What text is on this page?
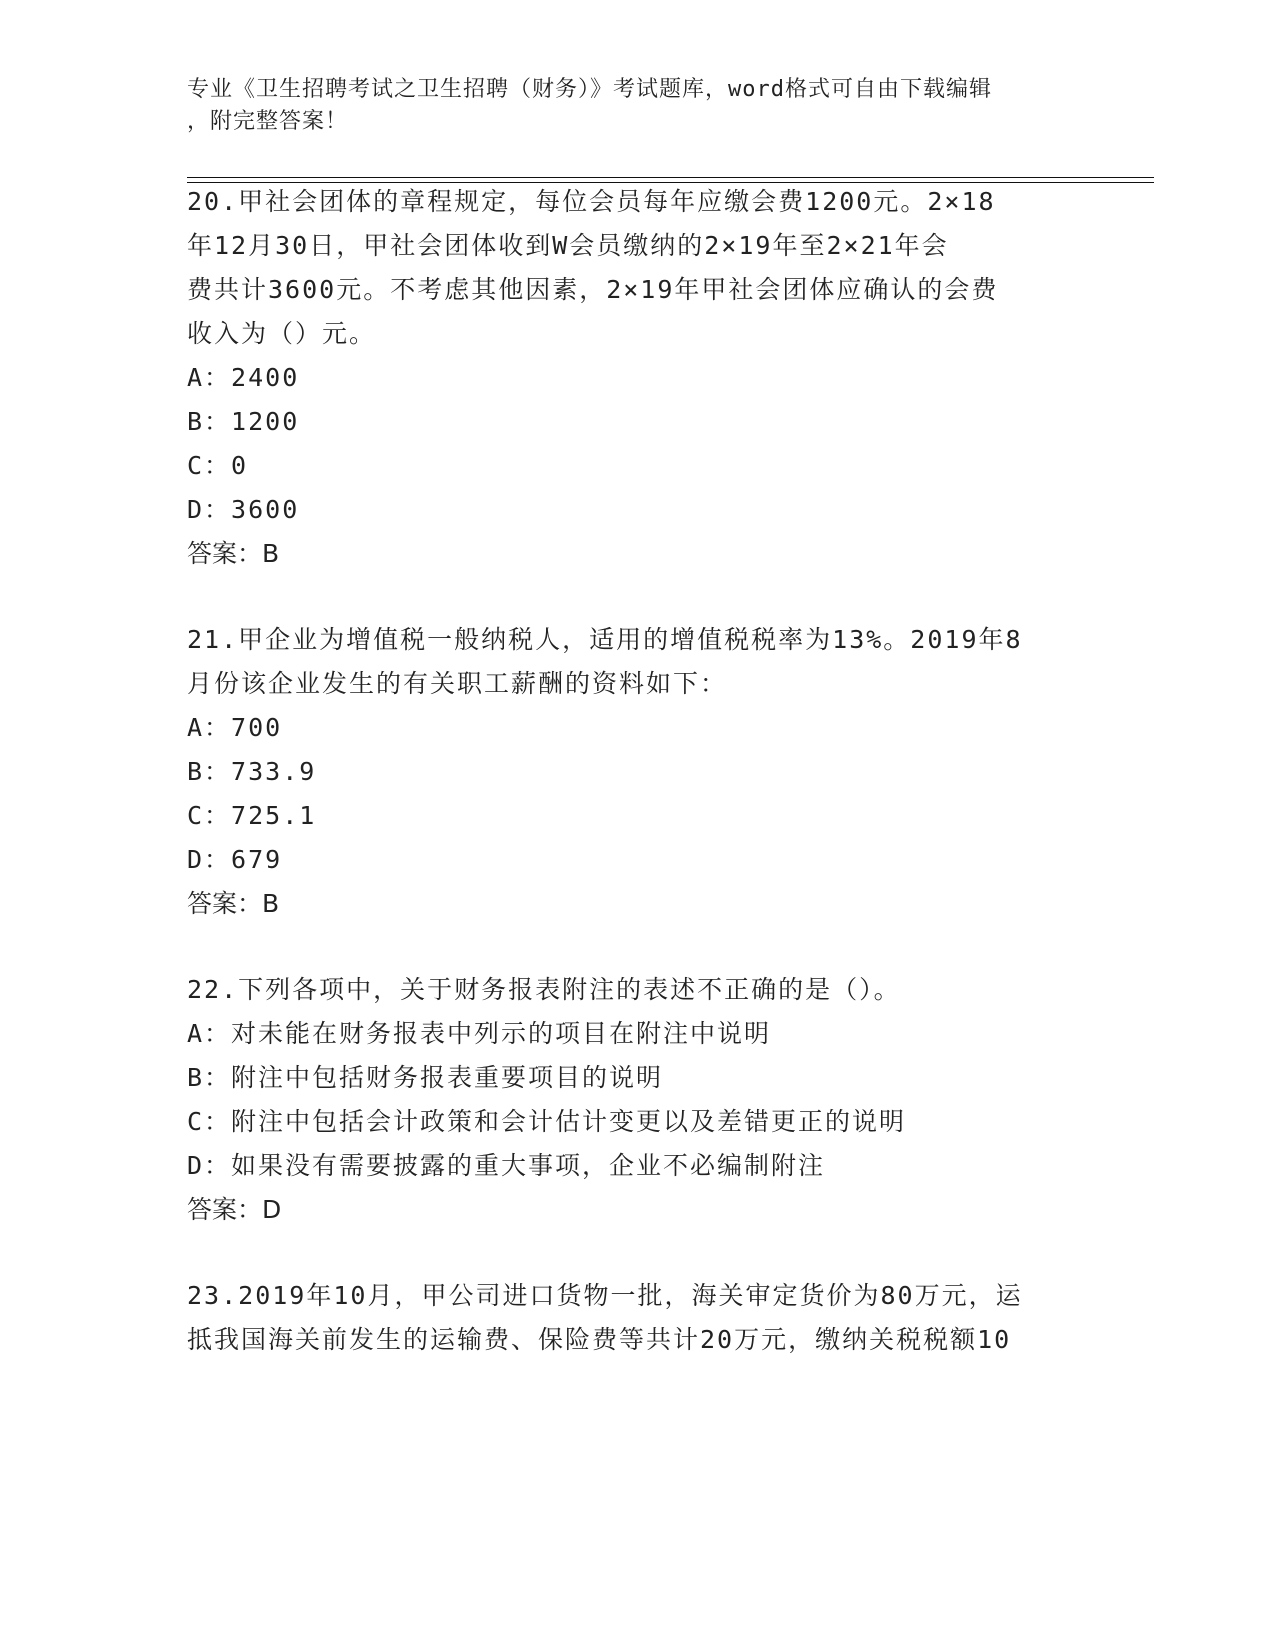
专业《卫生招聘考试之卫生招聘（财务）》考试题库，word格式可自由下载编辑
，附完整答案！
20.甲社会团体的章程规定，每位会员每年应缴会费1200元。2×18
年12月30日，甲社会团体收到W会员缴纳的2×19年至2×21年会
费共计3600元。不考虑其他因素，2×19年甲社会团体应确认的会费
收入为（）元。
A：2400
B：1200
C：0
D：3600
答案：B
21.甲企业为增值税一般纳税人，适用的增值税税率为13%。2019年8
月份该企业发生的有关职工薪酬的资料如下：
A：700
B：733.9
C：725.1
D：679
答案：B
22.下列各项中，关于财务报表附注的表述不正确的是（）。
A：对未能在财务报表中列示的项目在附注中说明
B：附注中包括财务报表重要项目的说明
C：附注中包括会计政策和会计估计变更以及差错更正的说明
D：如果没有需要披露的重大事项，企业不必编制附注
答案：D
23.2019年10月，甲公司进口货物一批，海关审定货价为80万元，运
抵我国海关前发生的运输费、保险费等共计20万元，缴纳关税税额10
